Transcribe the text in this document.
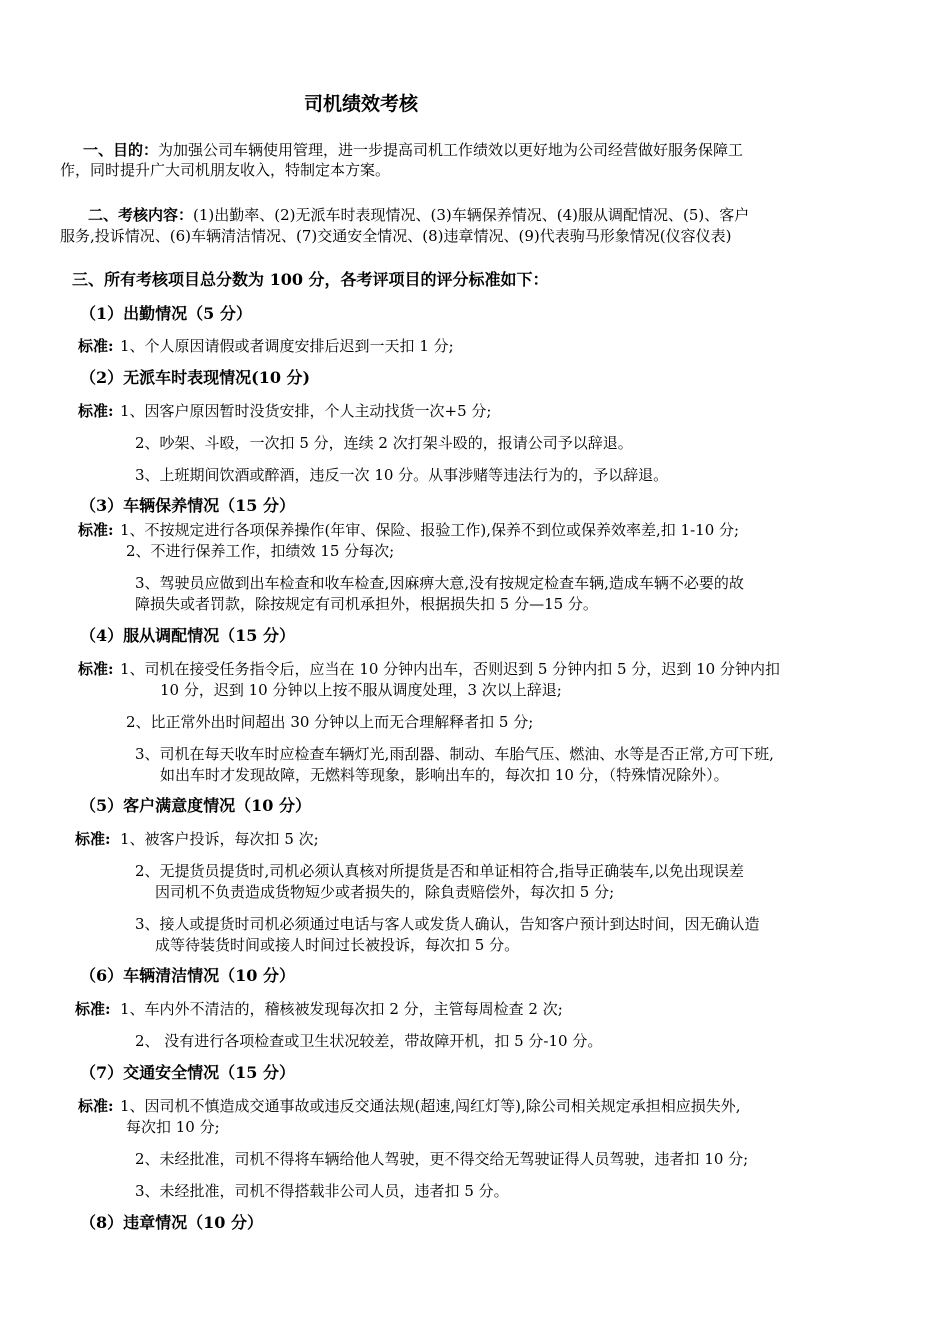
司机绩效考核
一、目的：为加强公司车辆使用管理，进一步提高司机工作绩效以更好地为公司经营做好服务保障工
作，同时提升广大司机朋友收入，特制定本方案。
二、考核内容：(1)出勤率、(2)无派车时表现情况、(3)车辆保养情况、(4)服从调配情况、(5)、客户
服务,投诉情况、(6)车辆清洁情况、(7)交通安全情况、(8)违章情况、(9)代表驹马形象情况(仪容仪表)
三、所有考核项目总分数为 100 分，各考评项目的评分标准如下：
（1）出勤情况（5 分）
标准: 1、个人原因请假或者调度安排后迟到一天扣 1 分;
（2）无派车时表现情况(10 分)
标准: 1、因客户原因暂时没货安排，个人主动找货一次+5 分;
2、吵架、斗殴，一次扣 5 分，连续 2 次打架斗殴的，报请公司予以辞退。
3、上班期间饮酒或醉酒，违反一次 10 分。从事涉赌等违法行为的，予以辞退。
（3）车辆保养情况（15 分）
标准: 1、不按规定进行各项保养操作(年审、保险、报验工作),保养不到位或保养效率差,扣 1-10 分;
2、不进行保养工作，扣绩效 15 分每次;
3、驾驶员应做到出车检查和收车检查,因麻痹大意,没有按规定检查车辆,造成车辆不必要的故
障损失或者罚款，除按规定有司机承担外，根据损失扣 5 分—15 分。
（4）服从调配情况（15 分）
标准: 1、司机在接受任务指令后，应当在 10 分钟内出车，否则迟到 5 分钟内扣 5 分，迟到 10 分钟内扣
10 分，迟到 10 分钟以上按不服从调度处理，3 次以上辞退;
2、比正常外出时间超出 30 分钟以上而无合理解释者扣 5 分;
3、司机在每天收车时应检查车辆灯光,雨刮器、制动、车胎气压、燃油、水等是否正常,方可下班,
如出车时才发现故障，无燃料等现象，影响出车的，每次扣 10 分，（特殊情况除外）。
（5）客户满意度情况（10 分）
标准: 1、被客户投诉，每次扣 5 次;
2、无提货员提货时,司机必须认真核对所提货是否和单证相符合,指导正确装车,以免出现误差
因司机不负责造成货物短少或者损失的，除負责赔偿外，每次扣 5 分;
3、接人或提货时司机必须通过电话与客人或发货人确认，告知客户预计到达时间，因无确认造
成等待装货时间或接人时间过长被投诉，每次扣 5 分。
（6）车辆清洁情况（10 分）
标准: 1、车内外不清洁的，稽核被发现每次扣 2 分，主管每周检查 2 次;
2、 没有进行各项检查或卫生状况较差，带故障开机，扣 5 分-10 分。
（7）交通安全情况（15 分）
标准: 1、因司机不慎造成交通事故或违反交通法规(超速,闯红灯等),除公司相关规定承担相应损失外,
每次扣 10 分;
2、未经批准，司机不得将车辆给他人驾驶，更不得交给无驾驶证得人员驾驶，违者扣 10 分;
3、未经批准，司机不得搭载非公司人员，违者扣 5 分。
（8）违章情况（10 分）
